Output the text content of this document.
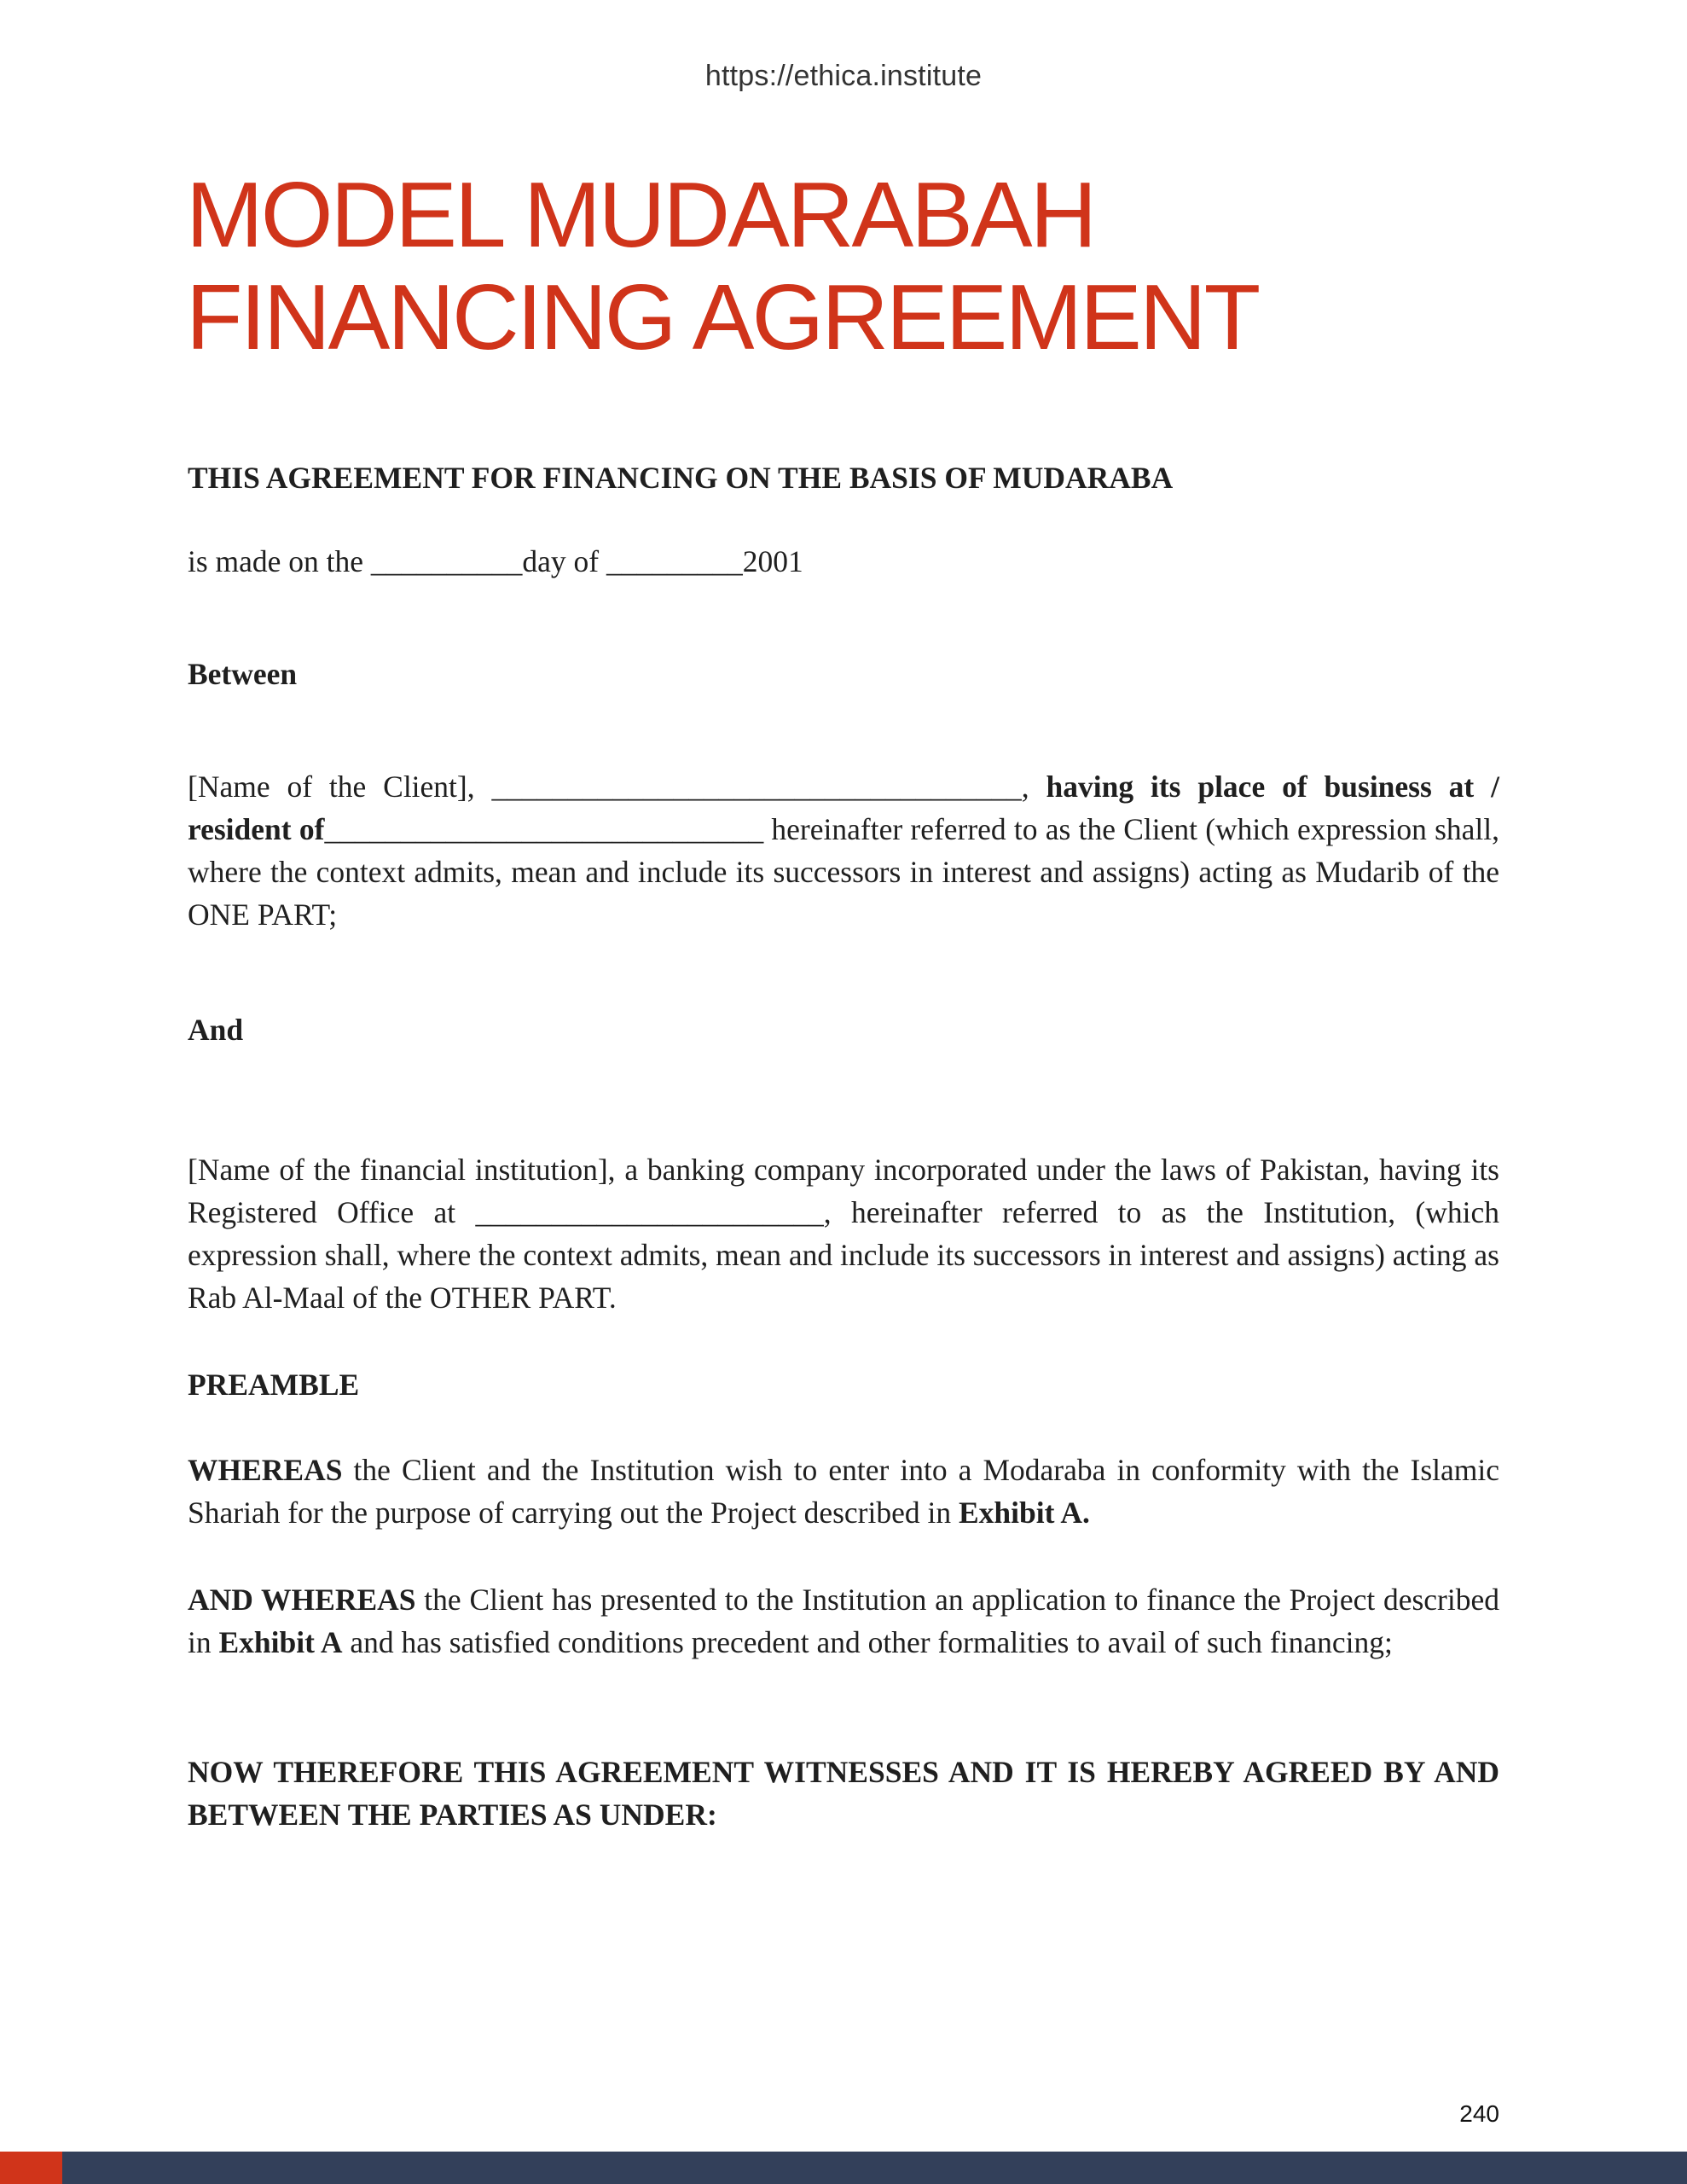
https://ethica.institute
MODEL MUDARABAH
FINANCING AGREEMENT

THIS AGREEMENT FOR FINANCING ON THE BASIS OF MUDARABA

is made on the __________day of _________2001

Between

[Name of the Client], ___________________________________, having its place of business at / resident of_____________________________ hereinafter referred to as the Client (which expression shall, where the context admits, mean and include its successors in interest and assigns) acting as Mudarib of the ONE PART;

And

[Name of the financial institution], a banking company incorporated under the laws of Pakistan, having its Registered Office at _______________________, hereinafter referred to as the Institution, (which expression shall, where the context admits, mean and include its successors in interest and assigns) acting as Rab Al-Maal of the OTHER PART.

PREAMBLE

WHEREAS the Client and the Institution wish to enter into a Modaraba in conformity with the Islamic Shariah for the purpose of carrying out the Project described in Exhibit A.

AND WHEREAS the Client has presented to the Institution an application to finance the Project described in Exhibit A and has satisfied conditions precedent and other formalities to avail of such financing;

NOW THEREFORE THIS AGREEMENT WITNESSES AND IT IS HEREBY AGREED BY AND BETWEEN THE PARTIES AS UNDER:

240
